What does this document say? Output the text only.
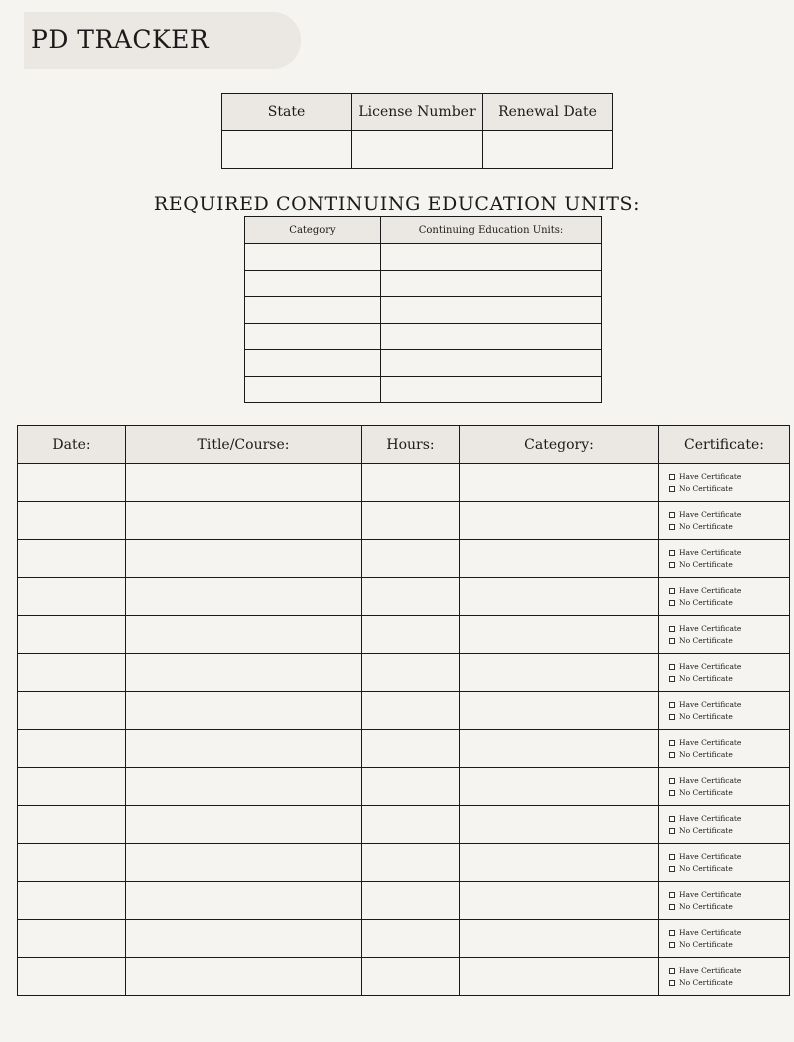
PD TRACKER
State	License Number	Renewal Date

REQUIRED CONTINUING EDUCATION UNITS:
Category	Continuing Education Units:

Date:	Title/Course:	Hours:	Category:	Certificate:

				Have Certificate
No Certificate

				Have Certificate
No Certificate

				Have Certificate
No Certificate

				Have Certificate
No Certificate

				Have Certificate
No Certificate

				Have Certificate
No Certificate

				Have Certificate
No Certificate

				Have Certificate
No Certificate

				Have Certificate
No Certificate

				Have Certificate
No Certificate

				Have Certificate
No Certificate

				Have Certificate
No Certificate

				Have Certificate
No Certificate

				Have Certificate
No Certificate
